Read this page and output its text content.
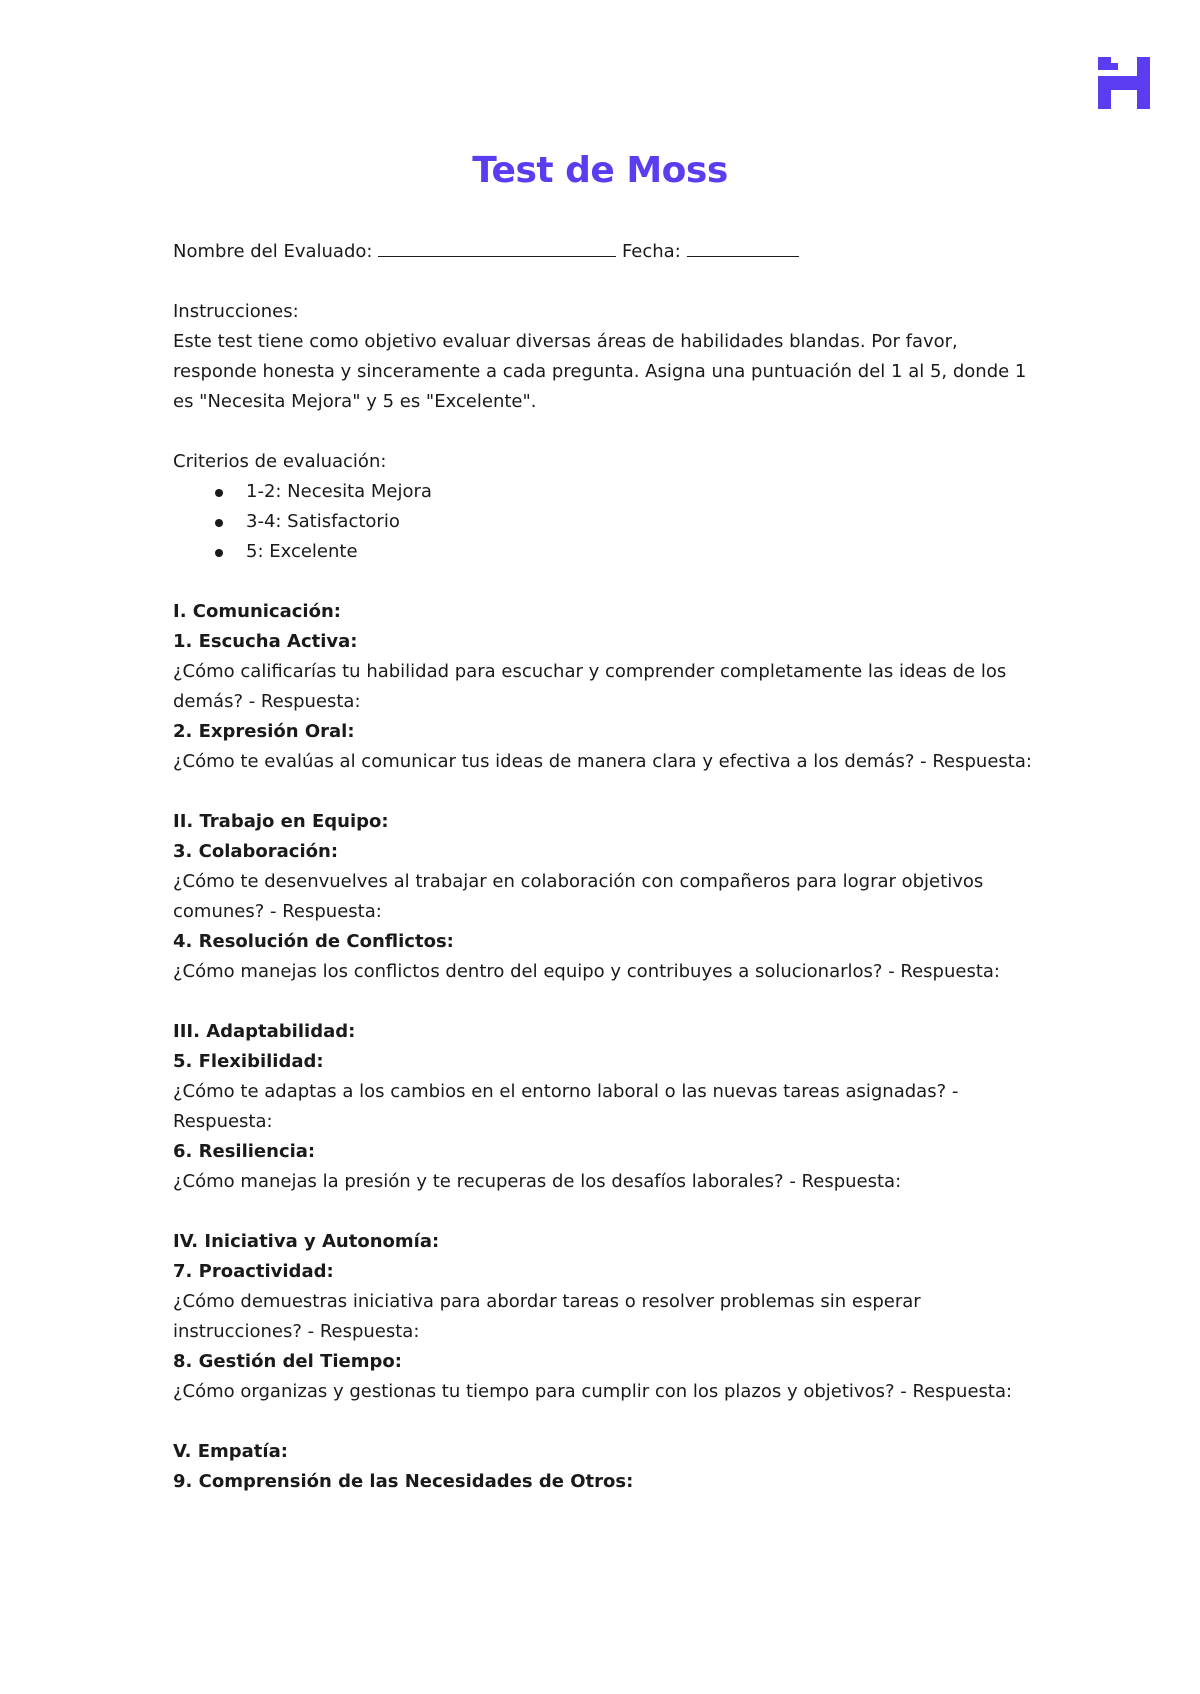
Test de Moss

Nombre del Evaluado:	Fecha:

Instrucciones:

Este test tiene como objetivo evaluar diversas áreas de habilidades blandas. Por favor,

responde honesta y sinceramente a cada pregunta. Asigna una puntuación del 1 al 5, donde 1

es "Necesita Mejora" y 5 es "Excelente".

Criterios de evaluación:

1-2: Necesita Mejora
3-4: Satisfactorio
5: Excelente

I. Comunicación:

1. Escucha Activa:

¿Cómo calificarías tu habilidad para escuchar y comprender completamente las ideas de los

demás? - Respuesta:

2. Expresión Oral:

¿Cómo te evalúas al comunicar tus ideas de manera clara y efectiva a los demás? - Respuesta:

II. Trabajo en Equipo:

3. Colaboración:

¿Cómo te desenvuelves al trabajar en colaboración con compañeros para lograr objetivos

comunes? - Respuesta:

4. Resolución de Conflictos:

¿Cómo manejas los conflictos dentro del equipo y contribuyes a solucionarlos? - Respuesta:

III. Adaptabilidad:

5. Flexibilidad:

¿Cómo te adaptas a los cambios en el entorno laboral o las nuevas tareas asignadas? -

Respuesta:

6. Resiliencia:

¿Cómo manejas la presión y te recuperas de los desafíos laborales? - Respuesta:

IV. Iniciativa y Autonomía:

7. Proactividad:

¿Cómo demuestras iniciativa para abordar tareas o resolver problemas sin esperar

instrucciones? - Respuesta:

8. Gestión del Tiempo:

¿Cómo organizas y gestionas tu tiempo para cumplir con los plazos y objetivos? - Respuesta:

V. Empatía:

9. Comprensión de las Necesidades de Otros:
